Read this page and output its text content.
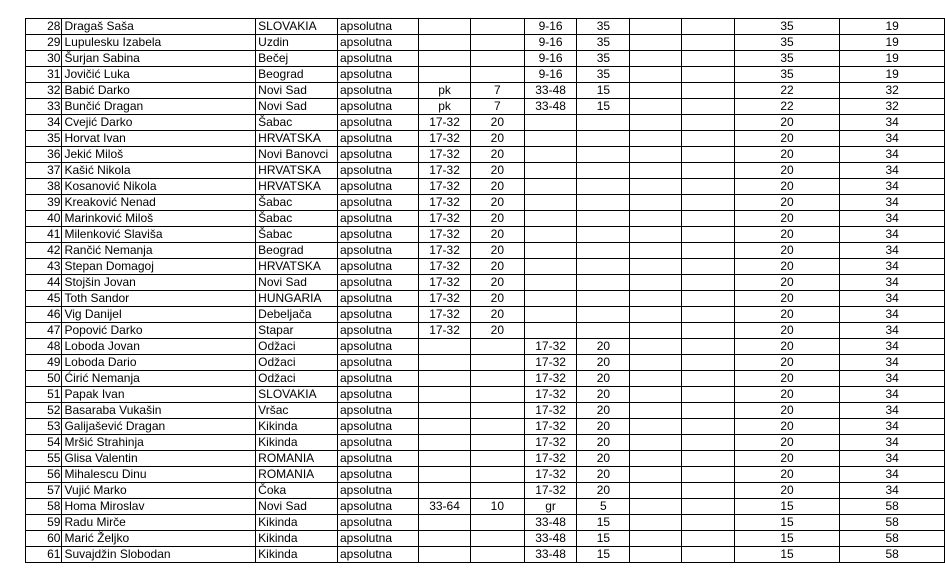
28	Dragaš Saša	SLOVAKIA	apsolutna			9-16	35			35	19
29	Lupulesku Izabela	Uzdin	apsolutna			9-16	35			35	19
30	Šurjan Sabina	Bečej	apsolutna			9-16	35			35	19
31	Jovičić Luka	Beograd	apsolutna			9-16	35			35	19
32	Babić Darko	Novi Sad	apsolutna	pk	7	33-48	15			22	32
33	Bunčić Dragan	Novi Sad	apsolutna	pk	7	33-48	15			22	32
34	Cvejić Darko	Šabac	apsolutna	17-32	20					20	34
35	Horvat Ivan	HRVATSKA	apsolutna	17-32	20					20	34
36	Jekić Miloš	Novi Banovci	apsolutna	17-32	20					20	34
37	Kašić Nikola	HRVATSKA	apsolutna	17-32	20					20	34
38	Kosanović Nikola	HRVATSKA	apsolutna	17-32	20					20	34
39	Kreaković Nenad	Šabac	apsolutna	17-32	20					20	34
40	Marinković Miloš	Šabac	apsolutna	17-32	20					20	34
41	Milenković Slaviša	Šabac	apsolutna	17-32	20					20	34
42	Rančić Nemanja	Beograd	apsolutna	17-32	20					20	34
43	Stepan Domagoj	HRVATSKA	apsolutna	17-32	20					20	34
44	Stojšin Jovan	Novi Sad	apsolutna	17-32	20					20	34
45	Toth Sandor	HUNGARIA	apsolutna	17-32	20					20	34
46	Vig Danijel	Debeljača	apsolutna	17-32	20					20	34
47	Popović Darko	Stapar	apsolutna	17-32	20					20	34
48	Loboda Jovan	Odžaci	apsolutna			17-32	20			20	34
49	Loboda Dario	Odžaci	apsolutna			17-32	20			20	34
50	Ćirić Nemanja	Odžaci	apsolutna			17-32	20			20	34
51	Papak Ivan	SLOVAKIA	apsolutna			17-32	20			20	34
52	Basaraba Vukašin	Vršac	apsolutna			17-32	20			20	34
53	Galijašević Dragan	Kikinda	apsolutna			17-32	20			20	34
54	Mršić Strahinja	Kikinda	apsolutna			17-32	20			20	34
55	Glisa Valentin	ROMANIA	apsolutna			17-32	20			20	34
56	Mihalescu Dinu	ROMANIA	apsolutna			17-32	20			20	34
57	Vujić Marko	Čoka	apsolutna			17-32	20			20	34
58	Homa Miroslav	Novi Sad	apsolutna	33-64	10	gr	5			15	58
59	Radu Mirče	Kikinda	apsolutna			33-48	15			15	58
60	Marić Željko	Kikinda	apsolutna			33-48	15			15	58
61	Suvajdžin Slobodan	Kikinda	apsolutna			33-48	15			15	58
